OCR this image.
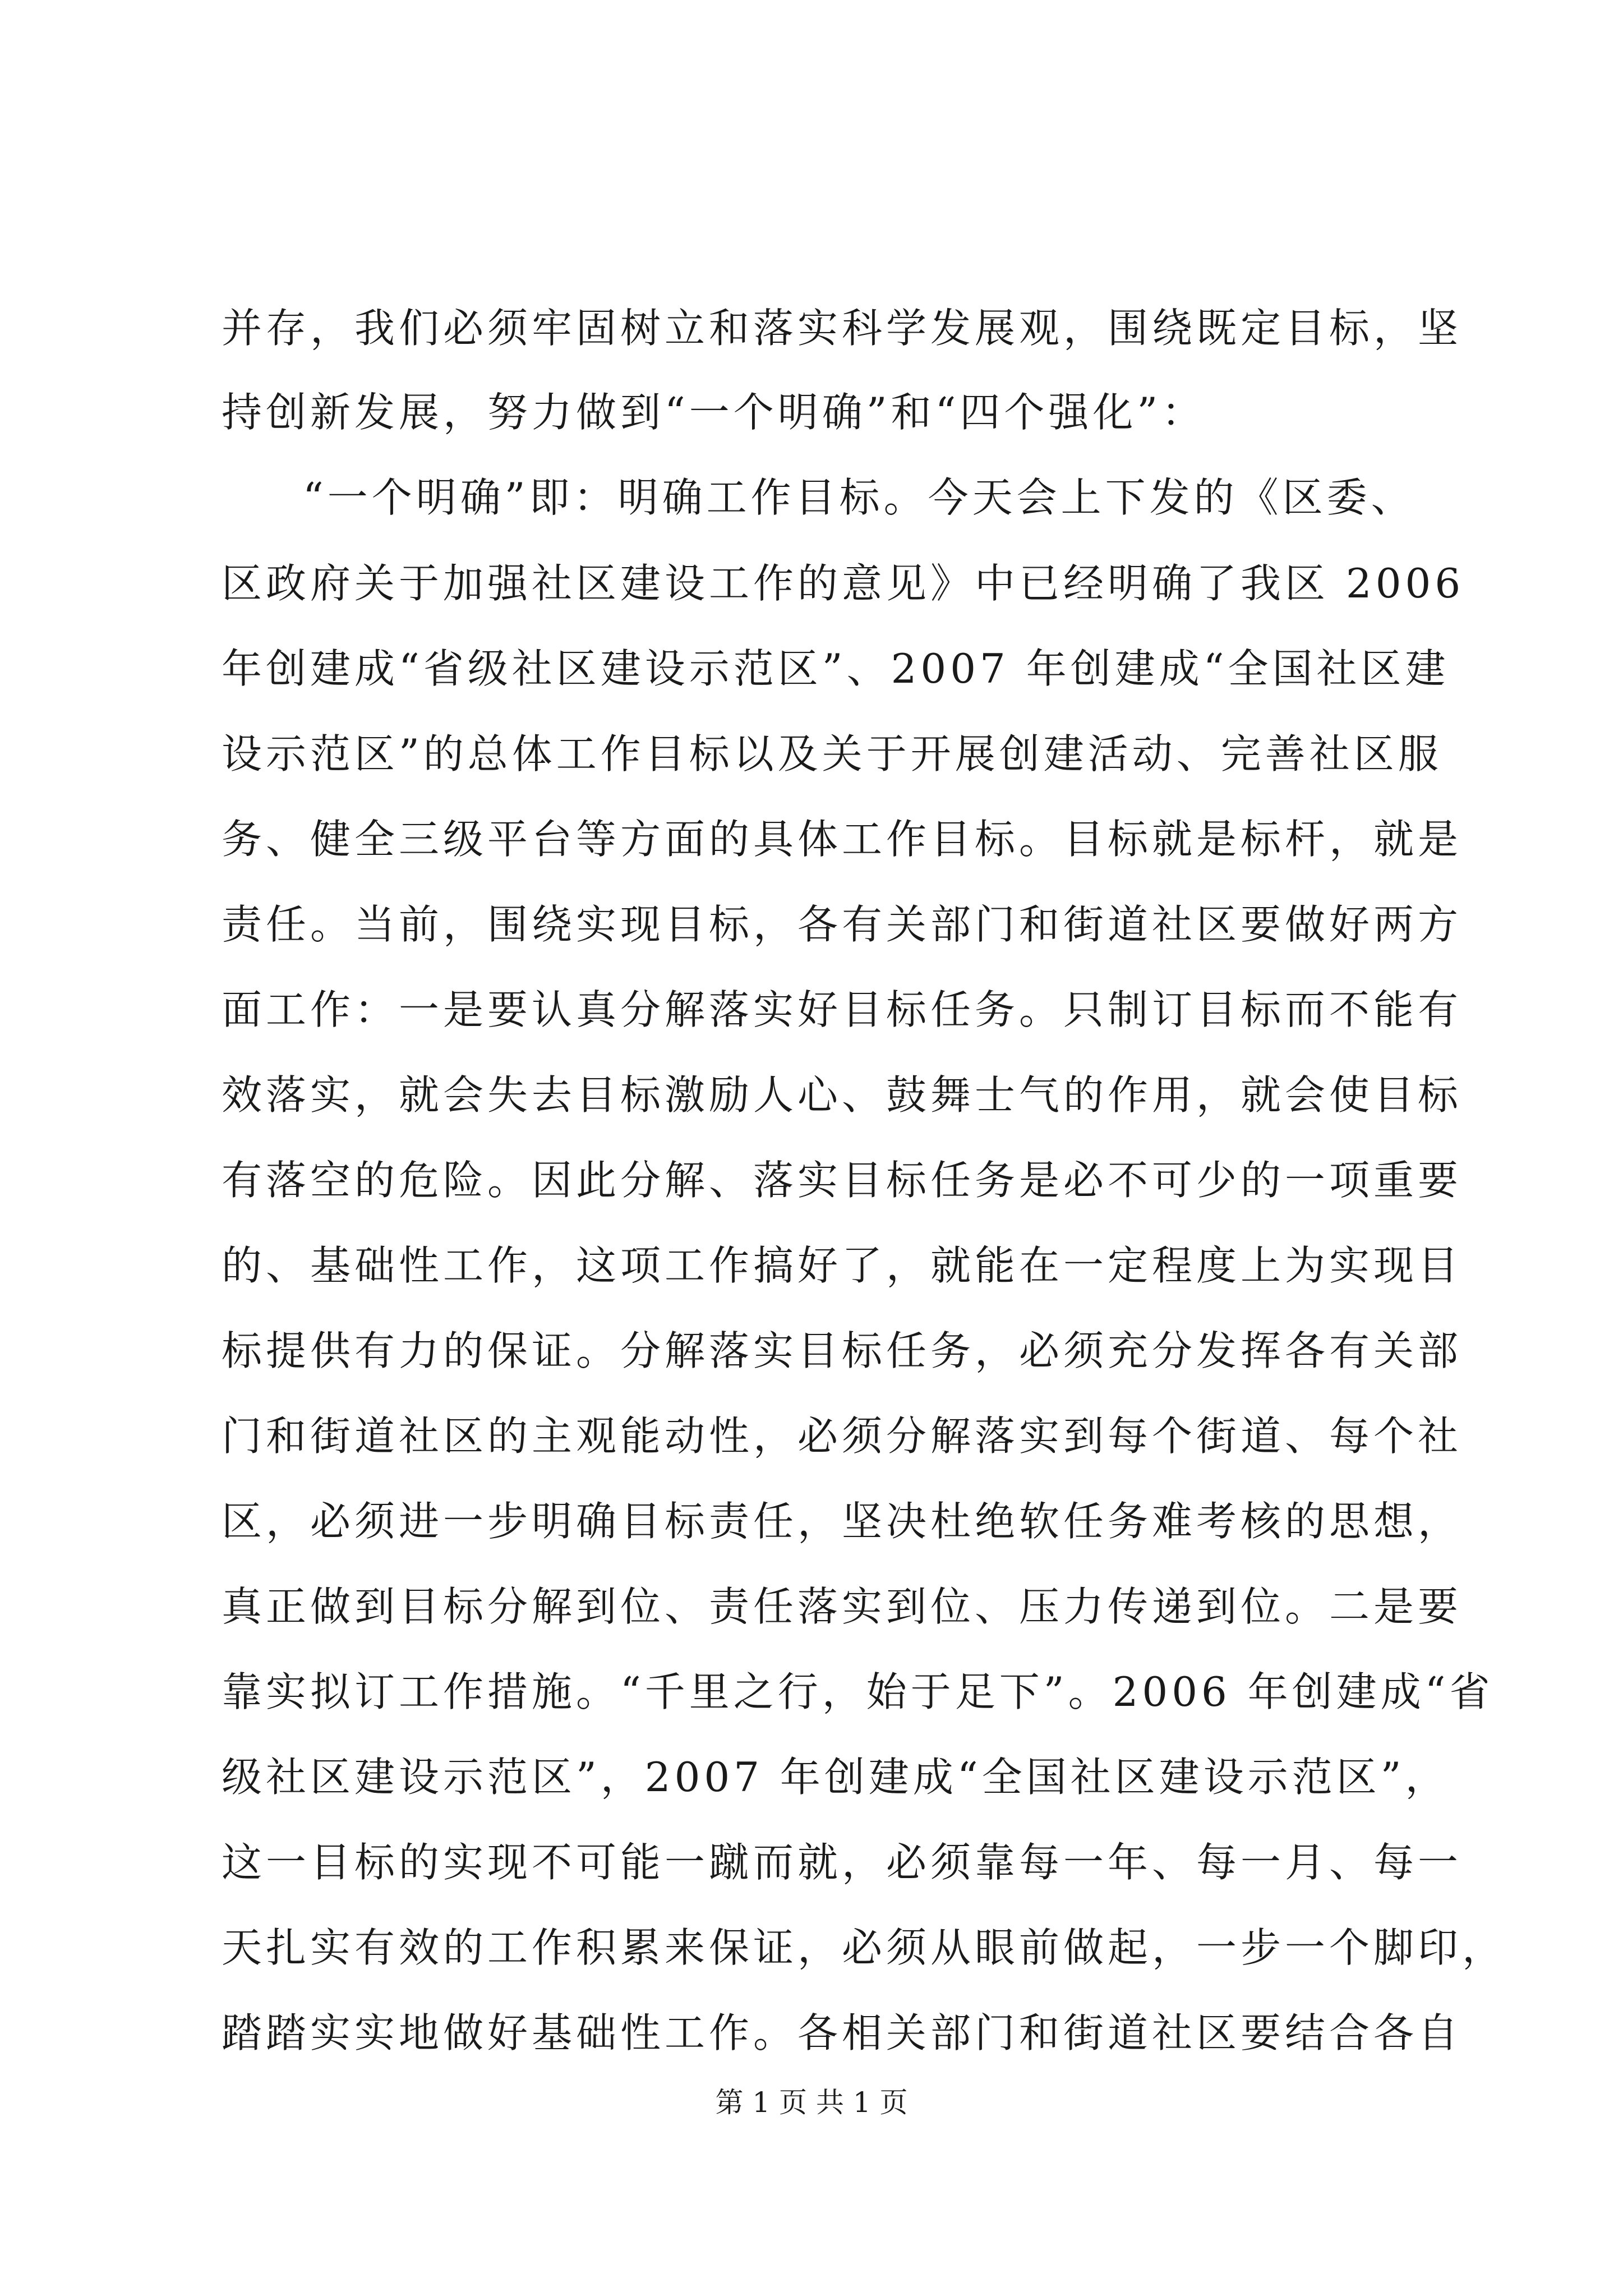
并存，我们必须牢固树立和落实科学发展观，围绕既定目标，坚
持创新发展，努力做到“一个明确”和“四个强化”：
“一个明确”即：明确工作目标。今天会上下发的《区委、
区政府关于加强社区建设工作的意见》中已经明确了我区 2006
年创建成“省级社区建设示范区”、2007 年创建成“全国社区建
设示范区”的总体工作目标以及关于开展创建活动、完善社区服
务、健全三级平台等方面的具体工作目标。目标就是标杆，就是
责任。当前，围绕实现目标，各有关部门和街道社区要做好两方
面工作：一是要认真分解落实好目标任务。只制订目标而不能有
效落实，就会失去目标激励人心、鼓舞士气的作用，就会使目标
有落空的危险。因此分解、落实目标任务是必不可少的一项重要
的、基础性工作，这项工作搞好了，就能在一定程度上为实现目
标提供有力的保证。分解落实目标任务，必须充分发挥各有关部
门和街道社区的主观能动性，必须分解落实到每个街道、每个社
区，必须进一步明确目标责任，坚决杜绝软任务难考核的思想，
真正做到目标分解到位、责任落实到位、压力传递到位。二是要
靠实拟订工作措施。“千里之行，始于足下”。2006 年创建成“省
级社区建设示范区”，2007 年创建成“全国社区建设示范区”，
这一目标的实现不可能一蹴而就，必须靠每一年、每一月、每一
天扎实有效的工作积累来保证，必须从眼前做起，一步一个脚印，
踏踏实实地做好基础性工作。各相关部门和街道社区要结合各自
第 1 页 共 1 页
